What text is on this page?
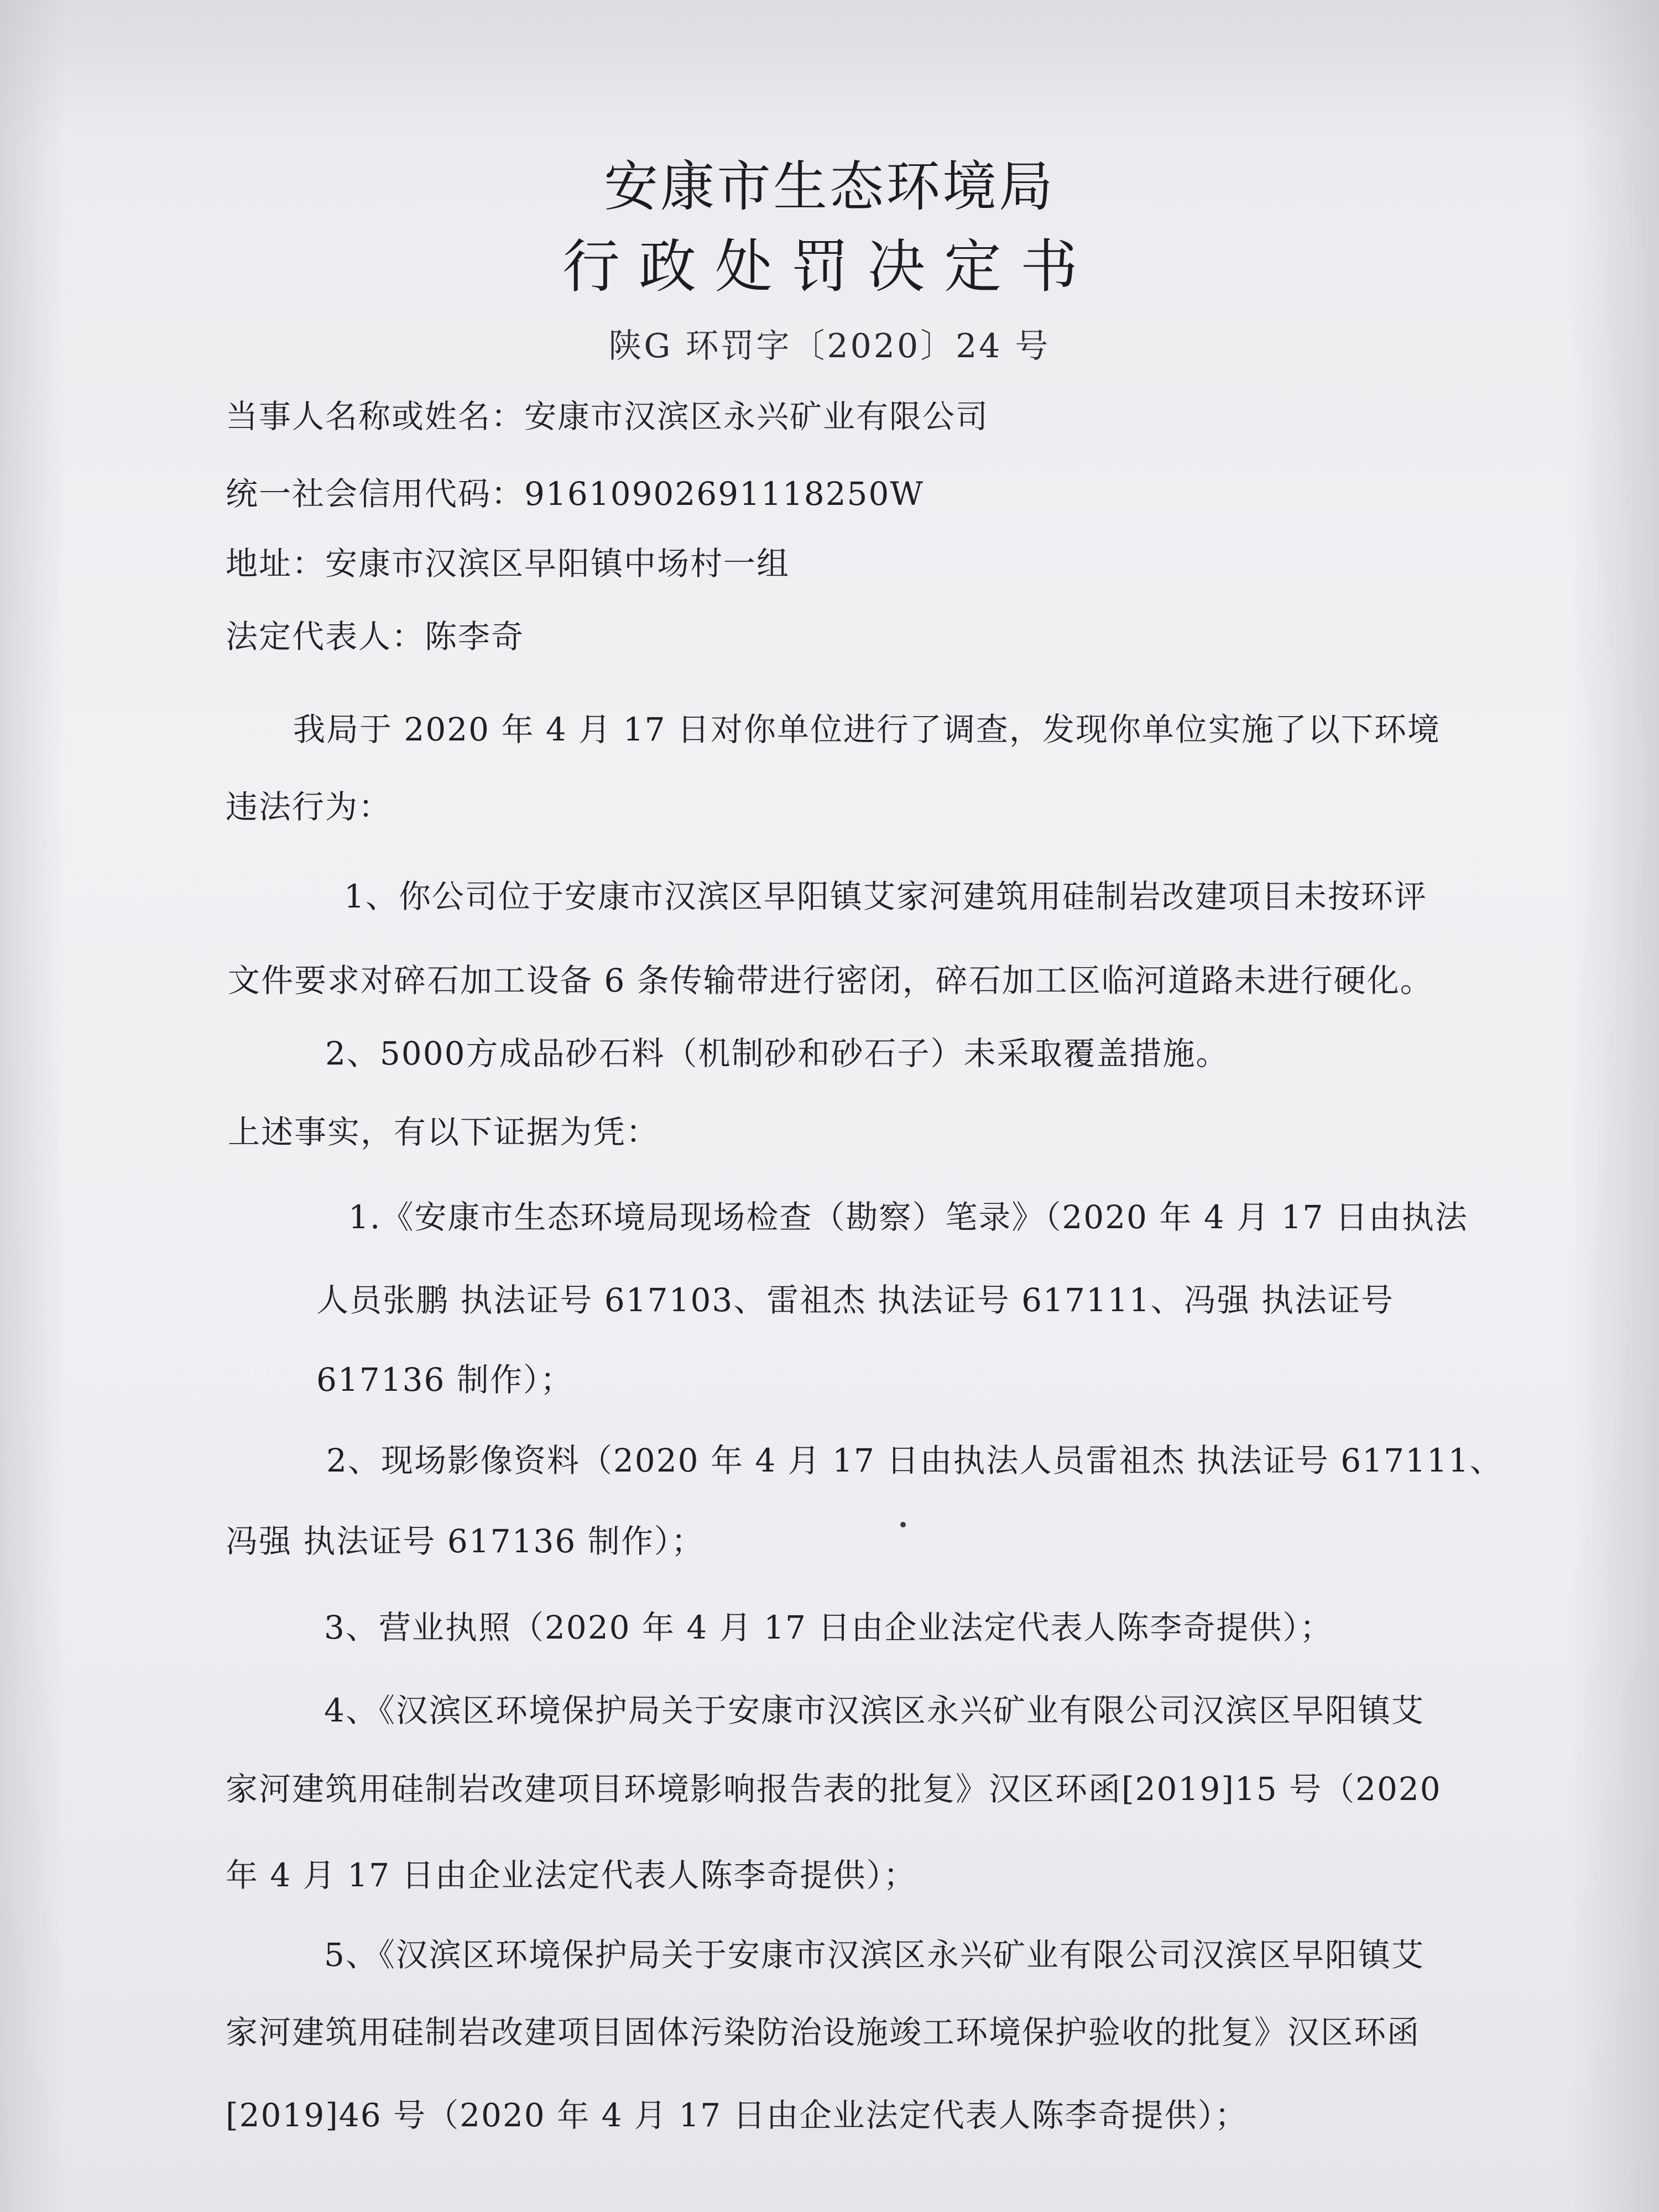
安康市生态环境局
行政处罚决定书
陕G 环罚字〔2020〕24 号
当事人名称或姓名：安康市汉滨区永兴矿业有限公司
统一社会信用代码：91610902691118250W
地址：安康市汉滨区早阳镇中场村一组
法定代表人：陈李奇
我局于 2020 年 4 月 17 日对你单位进行了调查，发现你单位实施了以下环境
违法行为：
1、你公司位于安康市汉滨区早阳镇艾家河建筑用硅制岩改建项目未按环评
文件要求对碎石加工设备 6 条传输带进行密闭，碎石加工区临河道路未进行硬化。
2、5000方成品砂石料（机制砂和砂石子）未采取覆盖措施。
上述事实，有以下证据为凭：
1.《安康市生态环境局现场检查（勘察）笔录》（2020 年 4 月 17 日由执法
人员张鹏 执法证号 617103、雷祖杰 执法证号 617111、冯强 执法证号
617136 制作）；
2、现场影像资料（2020 年 4 月 17 日由执法人员雷祖杰 执法证号 617111、
冯强 执法证号 617136 制作）；
3、营业执照（2020 年 4 月 17 日由企业法定代表人陈李奇提供）；
4、《汉滨区环境保护局关于安康市汉滨区永兴矿业有限公司汉滨区早阳镇艾
家河建筑用硅制岩改建项目环境影响报告表的批复》汉区环函[2019]15 号（2020
年 4 月 17 日由企业法定代表人陈李奇提供）；
5、《汉滨区环境保护局关于安康市汉滨区永兴矿业有限公司汉滨区早阳镇艾
家河建筑用硅制岩改建项目固体污染防治设施竣工环境保护验收的批复》汉区环函
[2019]46 号（2020 年 4 月 17 日由企业法定代表人陈李奇提供）；
